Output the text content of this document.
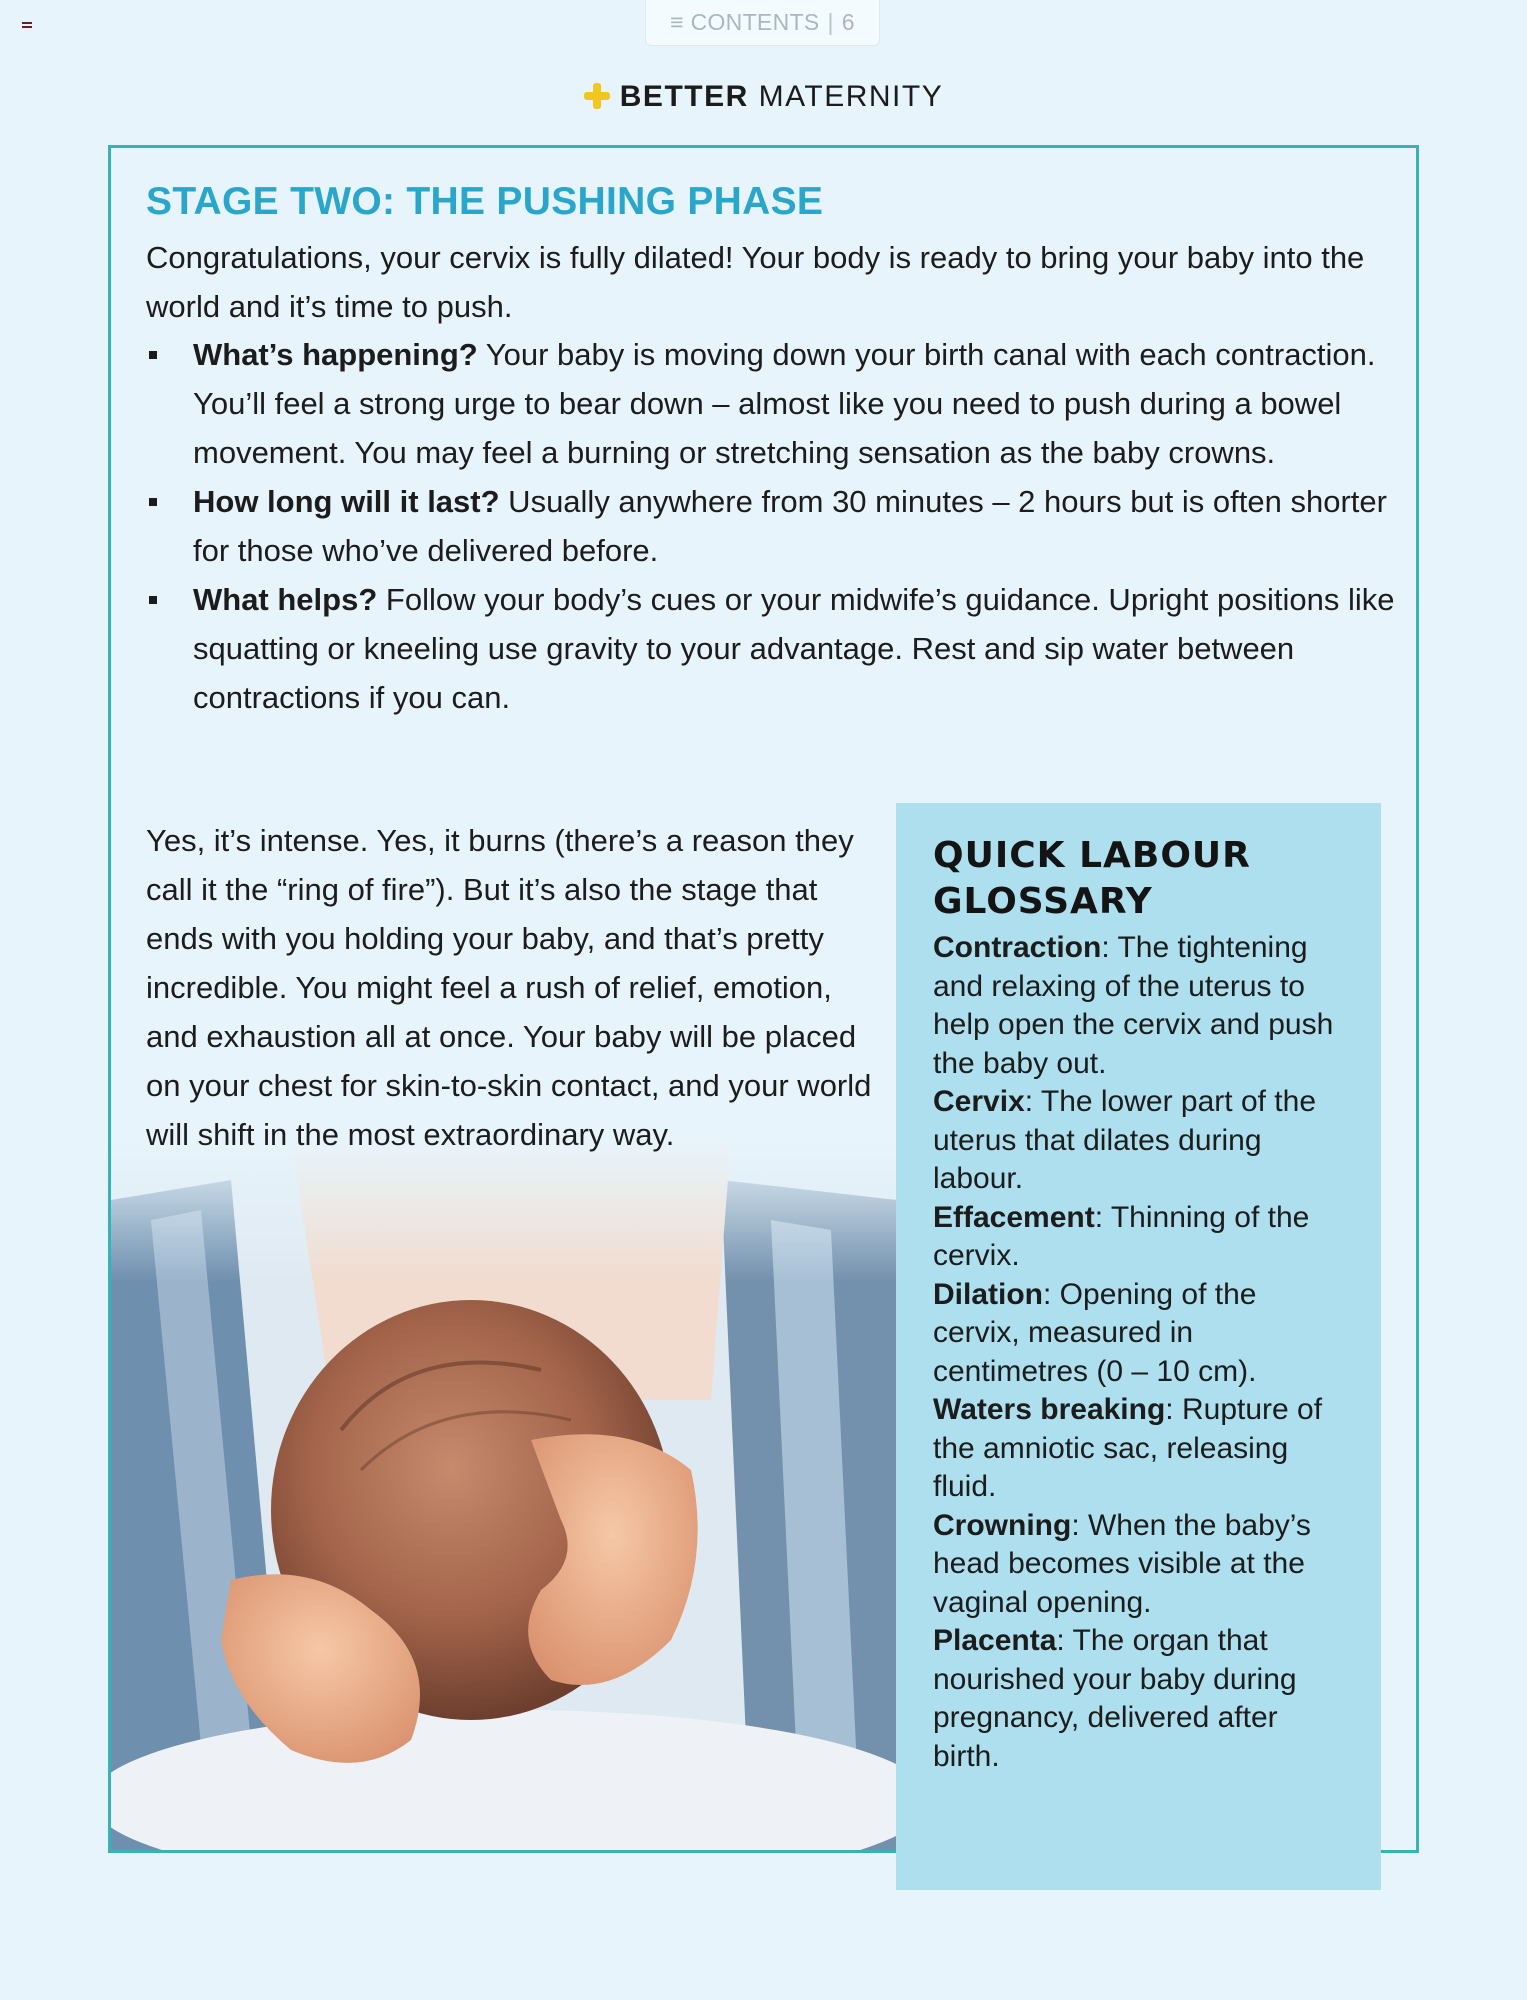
≡ CONTENTS | 6
BETTER MATERNITY
STAGE TWO: THE PUSHING PHASE
Congratulations, your cervix is fully dilated! Your body is ready to bring your baby into the world and it’s time to push.
What’s happening? Your baby is moving down your birth canal with each contraction. You’ll feel a strong urge to bear down – almost like you need to push during a bowel movement. You may feel a burning or stretching sensation as the baby crowns.
How long will it last? Usually anywhere from 30 minutes – 2 hours but is often shorter for those who’ve delivered before.
What helps? Follow your body’s cues or your midwife’s guidance. Upright positions like squatting or kneeling use gravity to your advantage. Rest and sip water between contractions if you can.
Yes, it’s intense. Yes, it burns (there’s a reason they call it the “ring of fire”). But it’s also the stage that ends with you holding your baby, and that’s pretty incredible. You might feel a rush of relief, emotion, and exhaustion all at once. Your baby will be placed on your chest for skin-to-skin contact, and your world will shift in the most extraordinary way.
QUICK LABOUR GLOSSARY
Contraction: The tightening and relaxing of the uterus to help open the cervix and push the baby out.
Cervix: The lower part of the uterus that dilates during labour.
Effacement: Thinning of the cervix.
Dilation: Opening of the cervix, measured in centimetres (0 – 10 cm).
Waters breaking: Rupture of the amniotic sac, releasing fluid.
Crowning: When the baby’s head becomes visible at the vaginal opening.
Placenta: The organ that nourished your baby during pregnancy, delivered after birth.
